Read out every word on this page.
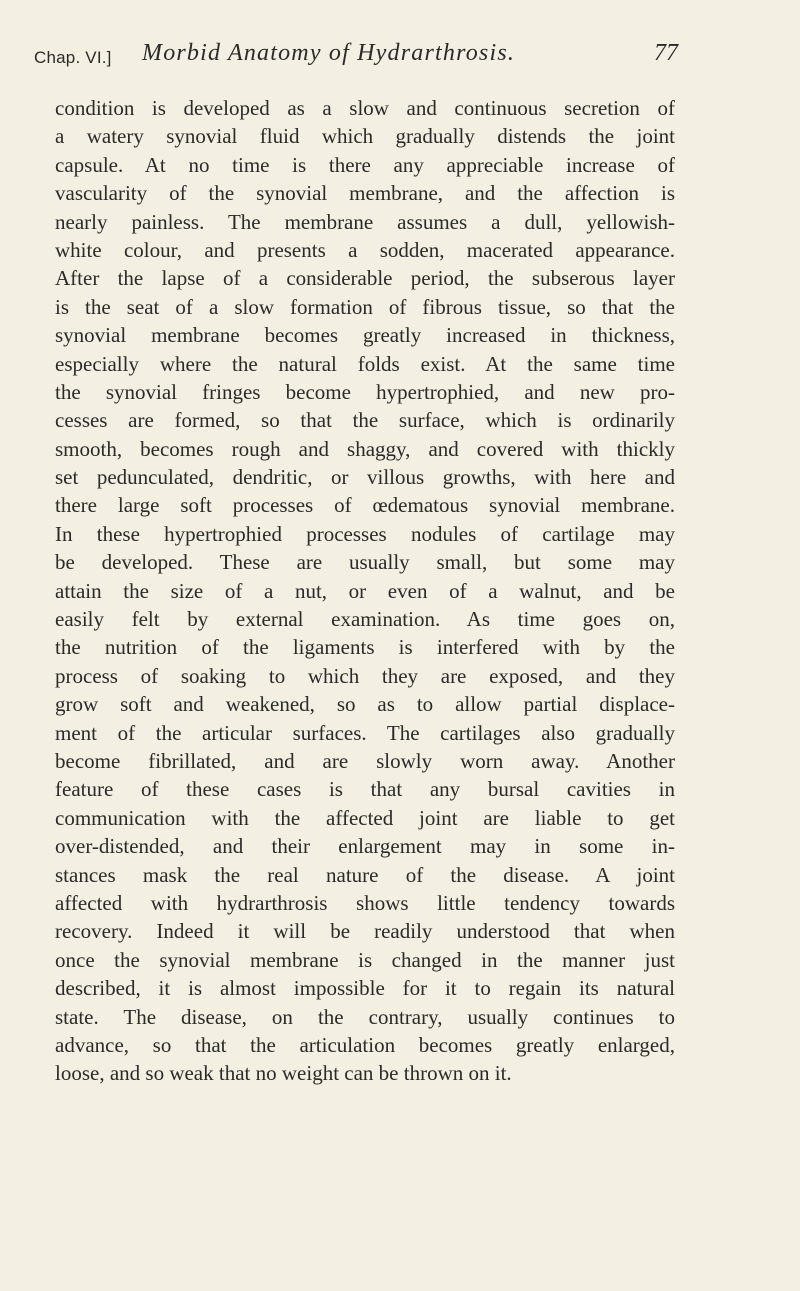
Chap. VI.] Morbid Anatomy of Hydrarthrosis.	77
condition is developed as a slow and continuous secretion of
a watery synovial fluid which gradually distends the joint
capsule. At no time is there any appreciable increase of
vascularity of the synovial membrane, and the affection is
nearly painless. The membrane assumes a dull, yellowish-
white colour, and presents a sodden, macerated appearance.
After the lapse of a considerable period, the subserous layer
is the seat of a slow formation of fibrous tissue, so that the
synovial membrane becomes greatly increased in thickness,
especially where the natural folds exist. At the same time
the synovial fringes become hypertrophied, and new pro-
cesses are formed, so that the surface, which is ordinarily
smooth, becomes rough and shaggy, and covered with thickly
set pedunculated, dendritic, or villous growths, with here and
there large soft processes of œdematous synovial membrane.
In these hypertrophied processes nodules of cartilage may
be developed. These are usually small, but some may
attain the size of a nut, or even of a walnut, and be
easily felt by external examination. As time goes on,
the nutrition of the ligaments is interfered with by the
process of soaking to which they are exposed, and they
grow soft and weakened, so as to allow partial displace-
ment of the articular surfaces. The cartilages also gradually
become fibrillated, and are slowly worn away. Another
feature of these cases is that any bursal cavities in
communication with the affected joint are liable to get
over-distended, and their enlargement may in some in-
stances mask the real nature of the disease. A joint
affected with hydrarthrosis shows little tendency towards
recovery. Indeed it will be readily understood that when
once the synovial membrane is changed in the manner just
described, it is almost impossible for it to regain its natural
state. The disease, on the contrary, usually continues to
advance, so that the articulation becomes greatly enlarged,
loose, and so weak that no weight can be thrown on it.
